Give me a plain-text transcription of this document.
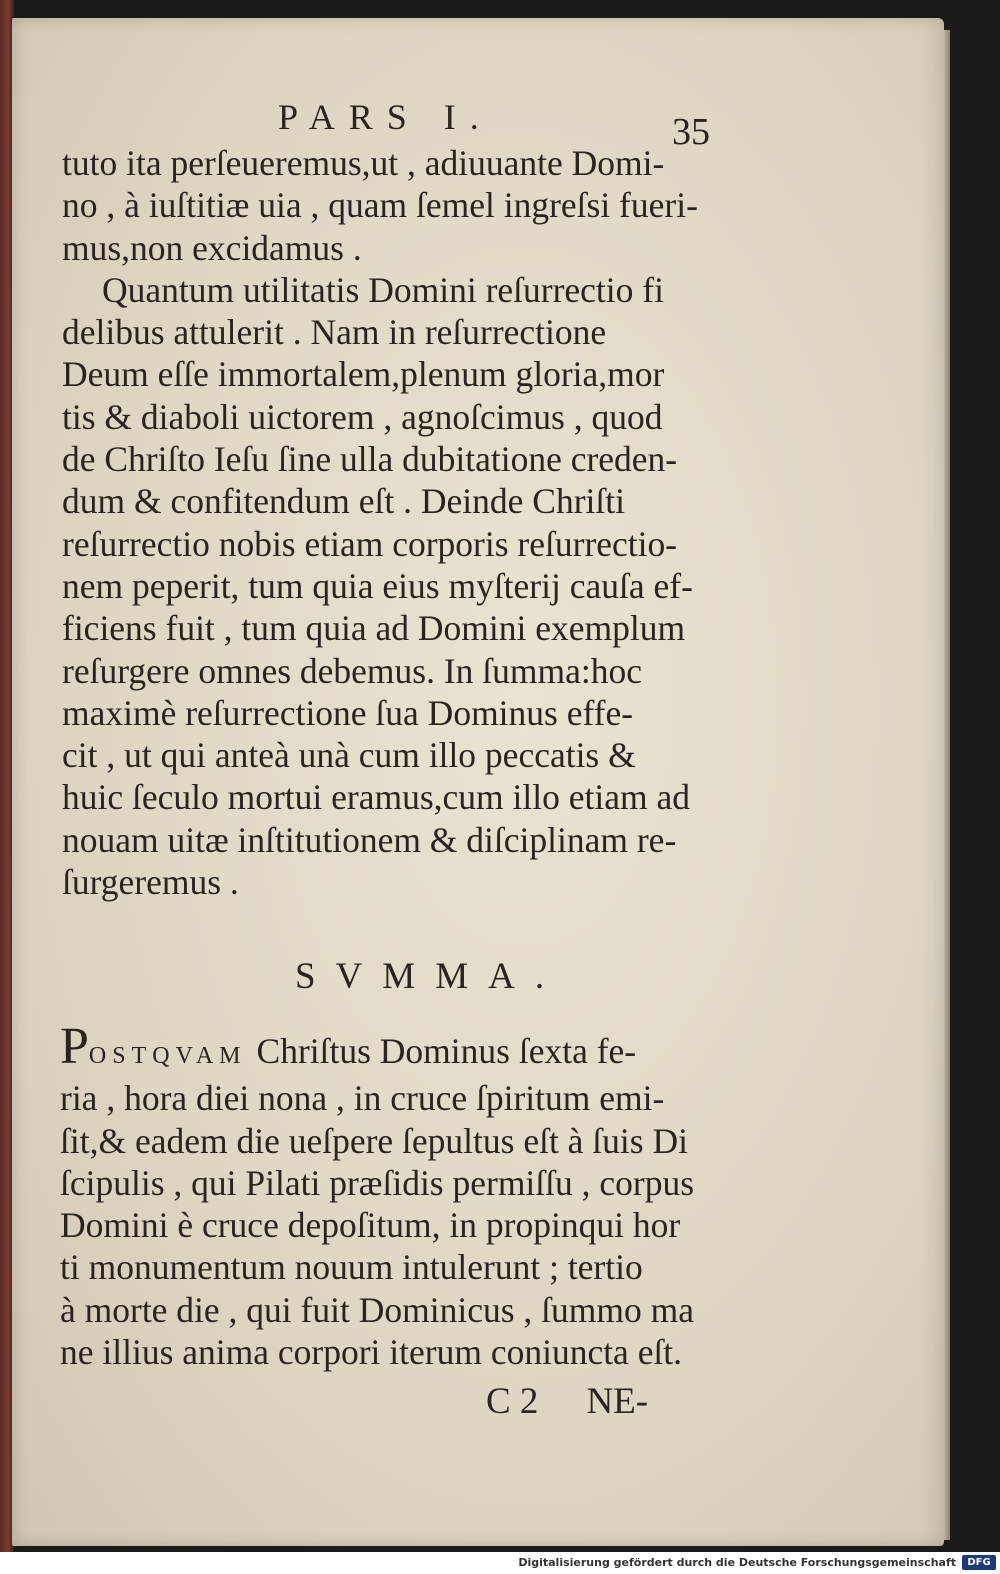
PARS I.	35
tuto ita perſeueremus,ut , adiuuante Domi-
no , à iuſtitiæ uia , quam ſemel ingreſsi fueri-
mus,non excidamus .
Quantum utilitatis Domini reſurrectio fi
delibus attulerit . Nam in reſurrectione
Deum eſſe immortalem,plenum gloria,mor
tis & diaboli uictorem , agnoſcimus , quod
de Chriſto Ieſu ſine ulla dubitatione creden-
dum & confitendum eſt . Deinde Chriſti
reſurrectio nobis etiam corporis reſurrectio-
nem peperit, tum quia eius myſterij cauſa ef-
ficiens fuit , tum quia ad Domini exemplum
reſurgere omnes debemus. In ſumma:hoc
maximè reſurrectione ſua Dominus effe-
cit , ut qui anteà unà cum illo peccatis &
huic ſeculo mortui eramus,cum illo etiam ad
nouam uitæ inſtitutionem & diſciplinam re-
ſurgeremus .
SVMMA.
POSTQVAM Chriſtus Dominus ſexta fe-
ria , hora diei nona , in cruce ſpiritum emi-
ſit,& eadem die ueſpere ſepultus eſt à ſuis Di
ſcipulis , qui Pilati præſidis permiſſu , corpus
Domini è cruce depoſitum, in propinqui hor
ti monumentum nouum intulerunt ; tertio
à morte die , qui fuit Dominicus , ſummo ma
ne illius anima corpori iterum coniuncta eſt.
C 2 NE-
Digitalisierung gefördert durch die Deutsche Forschungsgemeinschaft	DFG
